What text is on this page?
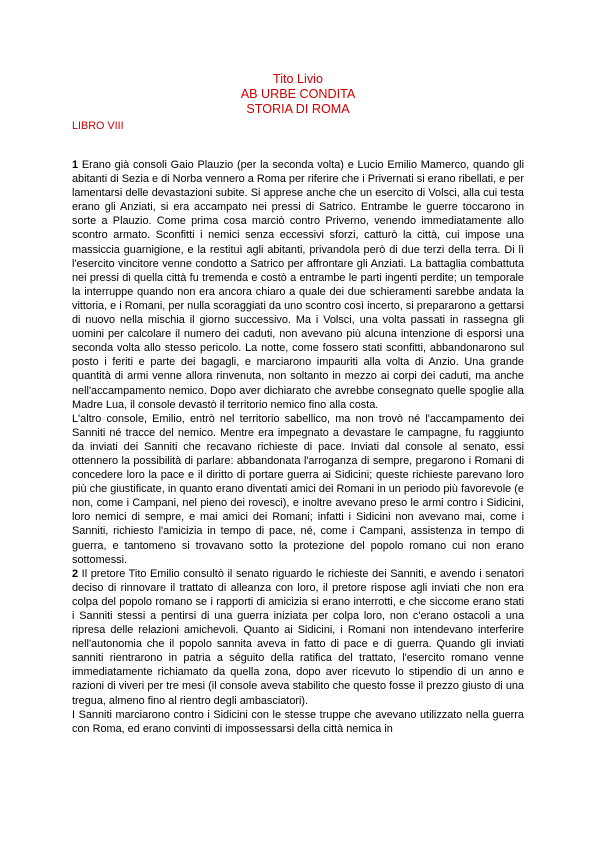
Tito Livio
AB URBE CONDITA
STORIA DI ROMA
LIBRO VIII

1 Erano già consoli Gaio Plauzio (per la seconda volta) e Lucio Emilio Mamerco, quando gli abitanti di Sezia e di Norba vennero a Roma per riferire che i Privernati si erano ribellati, e per lamentarsi delle devastazioni subite. Si apprese anche che un esercito di Volsci, alla cui testa erano gli Anziati, si era accampato nei pressi di Satrico. Entrambe le guerre toccarono in sorte a Plauzio. Come prima cosa marciò contro Priverno, venendo immediatamente allo scontro armato. Sconfitti i nemici senza eccessivi sforzi, catturò la città, cui impose una massiccia guarnigione, e la restituì agli abitanti, privandola però di due terzi della terra. Di lì l'esercito vincitore venne condotto a Satrico per affrontare gli Anziati. La battaglia combattuta nei pressi di quella città fu tremenda e costò a entrambe le parti ingenti perdite; un temporale la interruppe quando non era ancora chiaro a quale dei due schieramenti sarebbe andata la vittoria, e i Romani, per nulla scoraggiati da uno scontro così incerto, si prepararono a gettarsi di nuovo nella mischia il giorno successivo. Ma i Volsci, una volta passati in rassegna gli uomini per calcolare il numero dei caduti, non avevano più alcuna intenzione di esporsi una seconda volta allo stesso pericolo. La notte, come fossero stati sconfitti, abbandonarono sul posto i feriti e parte dei bagagli, e marciarono impauriti alla volta di Anzio. Una grande quantità di armi venne allora rinvenuta, non soltanto in mezzo ai corpi dei caduti, ma anche nell'accampamento nemico. Dopo aver dichiarato che avrebbe consegnato quelle spoglie alla Madre Lua, il console devastò il territorio nemico fino alla costa.

L'altro console, Emilio, entrò nel territorio sabellico, ma non trovò né l'accampamento dei Sanniti né tracce del nemico. Mentre era impegnato a devastare le campagne, fu raggiunto da inviati dei Sanniti che recavano richieste di pace. Inviati dal console al senato, essi ottennero la possibilità di parlare: abbandonata l'arroganza di sempre, pregarono i Romani di concedere loro la pace e il diritto di portare guerra ai Sidicini; queste richieste parevano loro più che giustificate, in quanto erano diventati amici dei Romani in un periodo più favorevole (e non, come i Campani, nel pieno dei rovesci), e inoltre avevano preso le armi contro i Sidicini, loro nemici di sempre, e mai amici dei Romani; infatti i Sidicini non avevano mai, come i Sanniti, richiesto l'amicizia in tempo di pace, né, come i Campani, assistenza in tempo di guerra, e tantomeno si trovavano sotto la protezione del popolo romano cui non erano sottomessi.

2 Il pretore Tito Emilio consultò il senato riguardo le richieste dei Sanniti, e avendo i senatori deciso di rinnovare il trattato di alleanza con loro, il pretore rispose agli inviati che non era colpa del popolo romano se i rapporti di amicizia si erano interrotti, e che siccome erano stati i Sanniti stessi a pentirsi di una guerra iniziata per colpa loro, non c'erano ostacoli a una ripresa delle relazioni amichevoli. Quanto ai Sidicini, i Romani non intendevano interferire nell'autonomia che il popolo sannita aveva in fatto di pace e di guerra. Quando gli inviati sanniti rientrarono in patria a séguito della ratifica del trattato, l'esercito romano venne immediatamente richiamato da quella zona, dopo aver ricevuto lo stipendio di un anno e razioni di viveri per tre mesi (il console aveva stabilito che questo fosse il prezzo giusto di una tregua, almeno fino al rientro degli ambasciatori).

I Sanniti marciarono contro i Sidicini con le stesse truppe che avevano utilizzato nella guerra con Roma, ed erano convinti di impossessarsi della città nemica in
